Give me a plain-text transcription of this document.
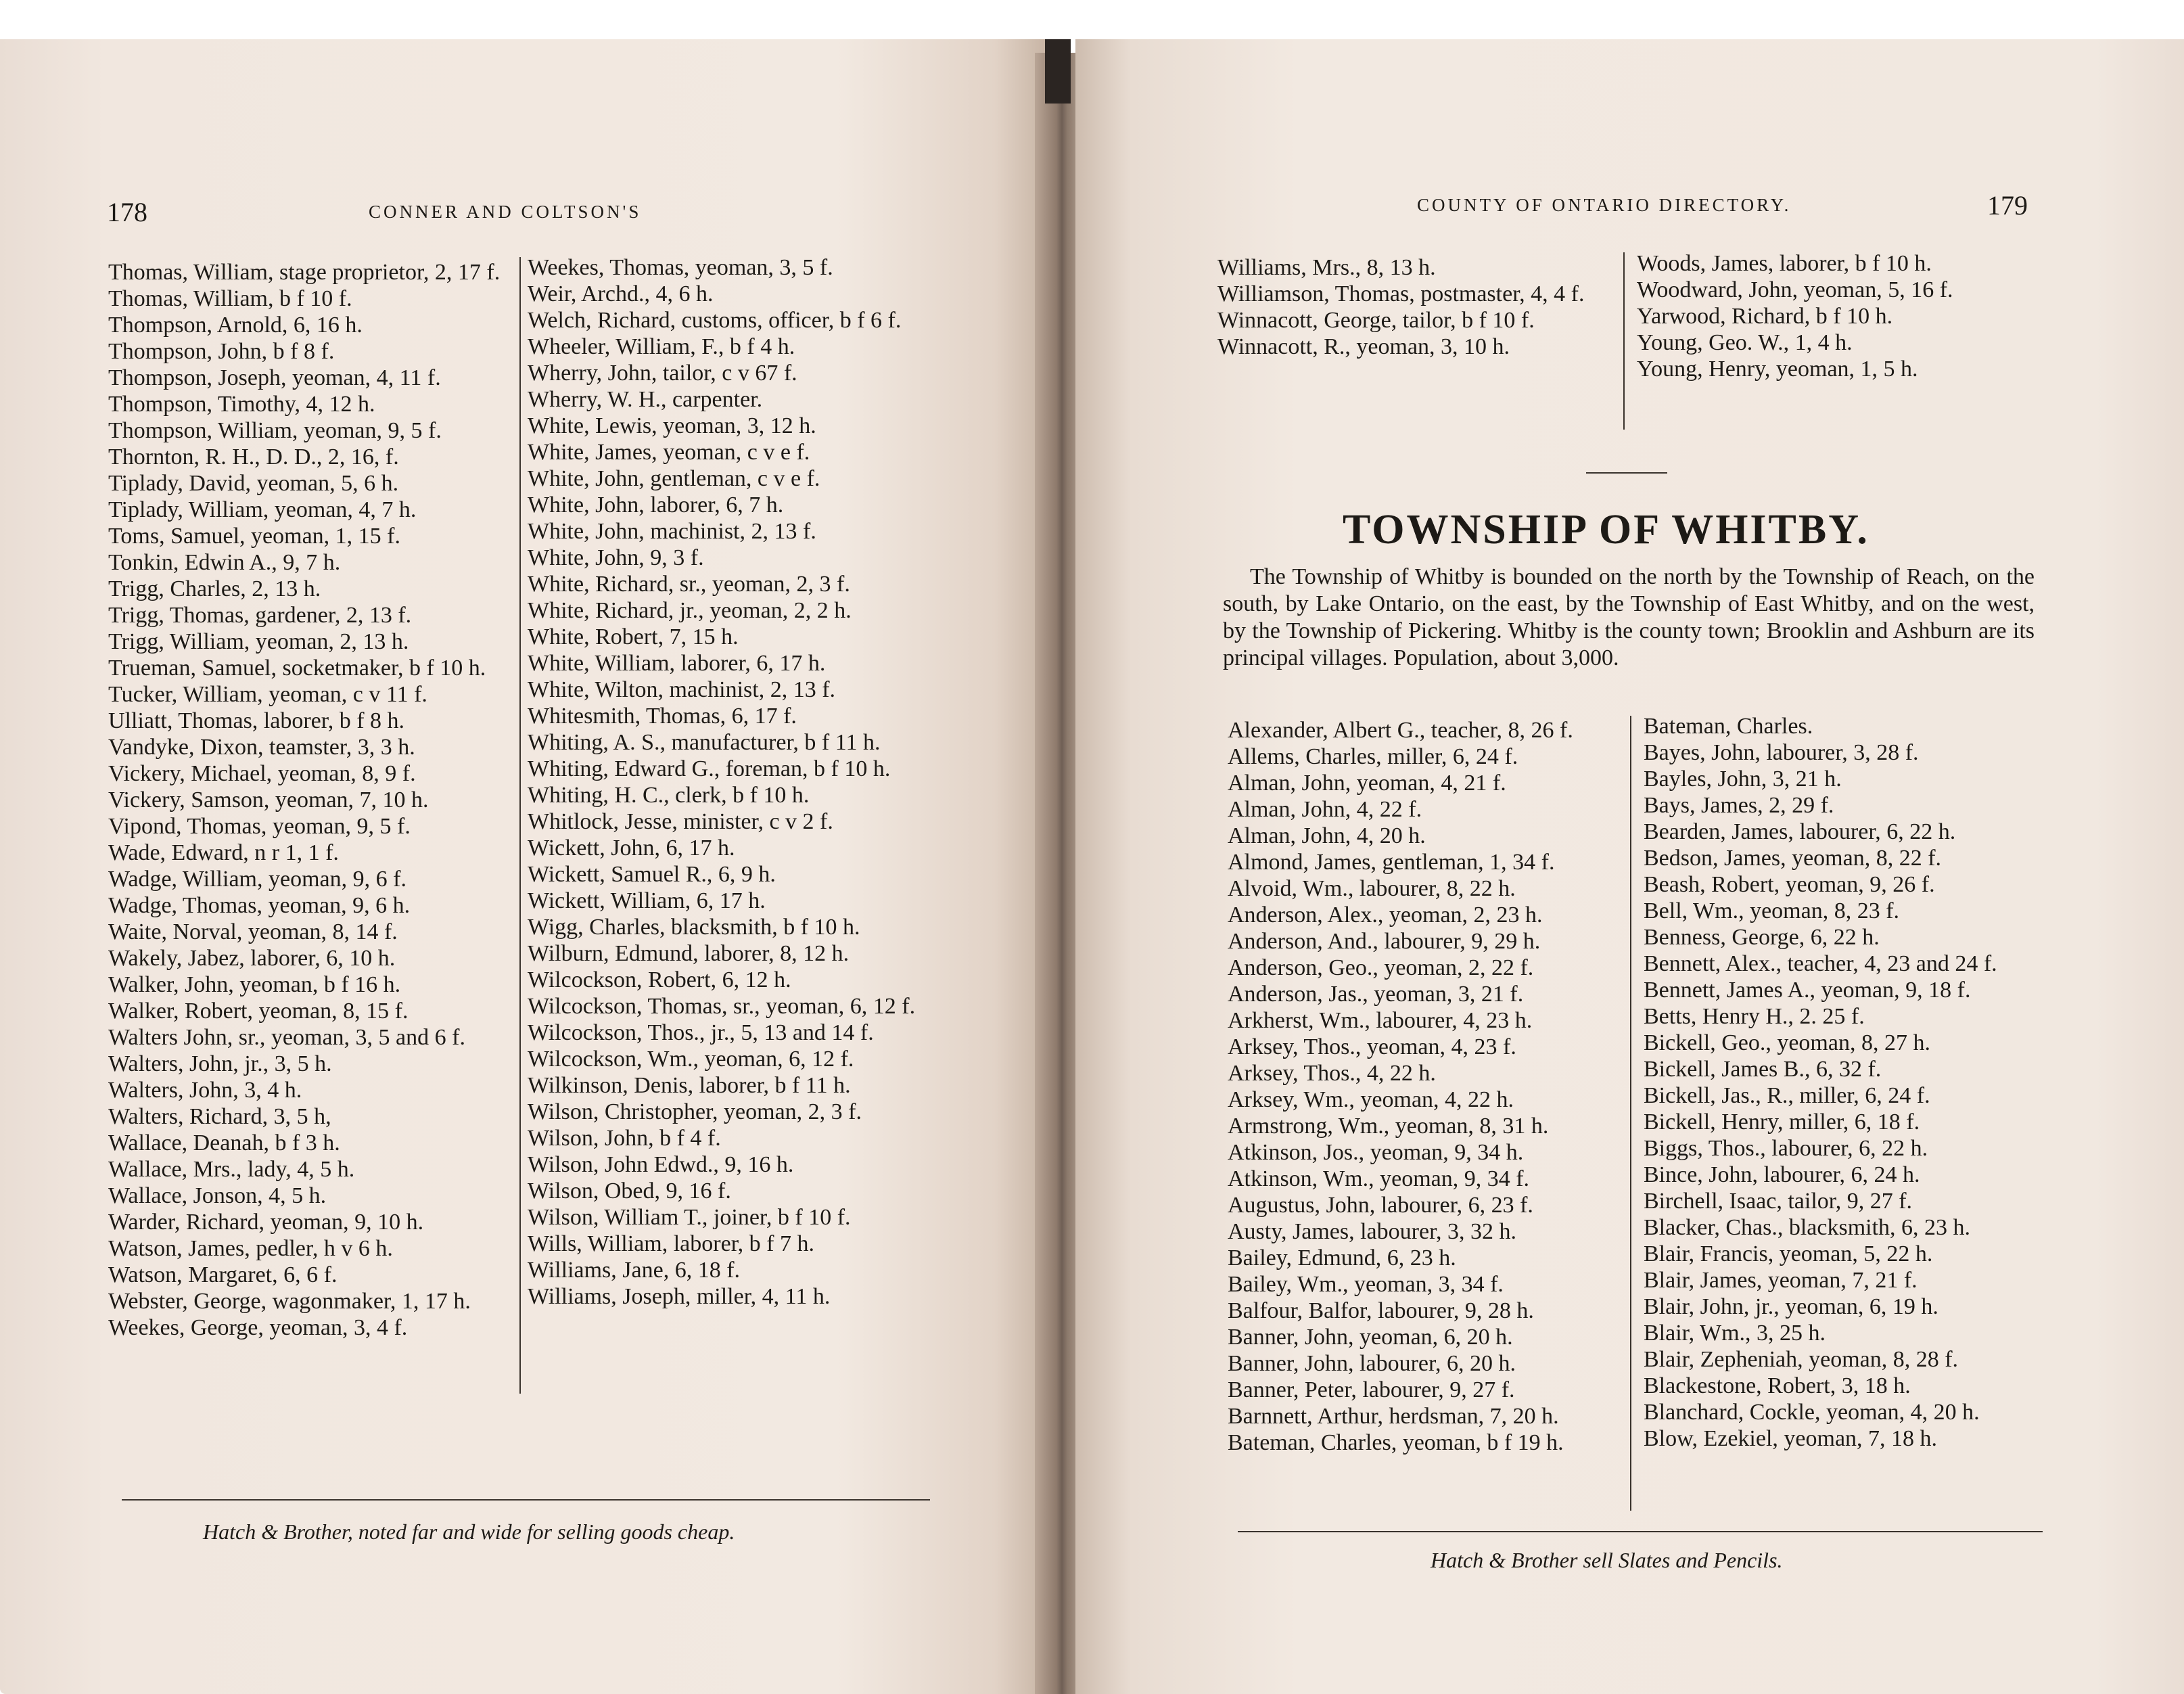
178	CONNER AND COLTSON'S
Thomas, William, stage proprietor, 2, 17 f.
Thomas, William, b f 10 f.
Thompson, Arnold, 6, 16 h.
Thompson, John, b f 8 f.
Thompson, Joseph, yeoman, 4, 11 f.
Thompson, Timothy, 4, 12 h.
Thompson, William, yeoman, 9, 5 f.
Thornton, R. H., D. D., 2, 16, f.
Tiplady, David, yeoman, 5, 6 h.
Tiplady, William, yeoman, 4, 7 h.
Toms, Samuel, yeoman, 1, 15 f.
Tonkin, Edwin A., 9, 7 h.
Trigg, Charles, 2, 13 h.
Trigg, Thomas, gardener, 2, 13 f.
Trigg, William, yeoman, 2, 13 h.
Trueman, Samuel, socketmaker, b f 10 h.
Tucker, William, yeoman, c v 11 f.
Ulliatt, Thomas, laborer, b f 8 h.
Vandyke, Dixon, teamster, 3, 3 h.
Vickery, Michael, yeoman, 8, 9 f.
Vickery, Samson, yeoman, 7, 10 h.
Vipond, Thomas, yeoman, 9, 5 f.
Wade, Edward, n r 1, 1 f.
Wadge, William, yeoman, 9, 6 f.
Wadge, Thomas, yeoman, 9, 6 h.
Waite, Norval, yeoman, 8, 14 f.
Wakely, Jabez, laborer, 6, 10 h.
Walker, John, yeoman, b f 16 h.
Walker, Robert, yeoman, 8, 15 f.
Walters John, sr., yeoman, 3, 5 and 6 f.
Walters, John, jr., 3, 5 h.
Walters, John, 3, 4 h.
Walters, Richard, 3, 5 h,
Wallace, Deanah, b f 3 h.
Wallace, Mrs., lady, 4, 5 h.
Wallace, Jonson, 4, 5 h.
Warder, Richard, yeoman, 9, 10 h.
Watson, James, pedler, h v 6 h.
Watson, Margaret, 6, 6 f.
Webster, George, wagonmaker, 1, 17 h.
Weekes, George, yeoman, 3, 4 f.
Weekes, Thomas, yeoman, 3, 5 f.
Weir, Archd., 4, 6 h.
Welch, Richard, customs, officer, b f 6 f.
Wheeler, William, F., b f 4 h.
Wherry, John, tailor, c v 67 f.
Wherry, W. H., carpenter.
White, Lewis, yeoman, 3, 12 h.
White, James, yeoman, c v e f.
White, John, gentleman, c v e f.
White, John, laborer, 6, 7 h.
White, John, machinist, 2, 13 f.
White, John, 9, 3 f.
White, Richard, sr., yeoman, 2, 3 f.
White, Richard, jr., yeoman, 2, 2 h.
White, Robert, 7, 15 h.
White, William, laborer, 6, 17 h.
White, Wilton, machinist, 2, 13 f.
Whitesmith, Thomas, 6, 17 f.
Whiting, A. S., manufacturer, b f 11 h.
Whiting, Edward G., foreman, b f 10 h.
Whiting, H. C., clerk, b f 10 h.
Whitlock, Jesse, minister, c v 2 f.
Wickett, John, 6, 17 h.
Wickett, Samuel R., 6, 9 h.
Wickett, William, 6, 17 h.
Wigg, Charles, blacksmith, b f 10 h.
Wilburn, Edmund, laborer, 8, 12 h.
Wilcockson, Robert, 6, 12 h.
Wilcockson, Thomas, sr., yeoman, 6, 12 f.
Wilcockson, Thos., jr., 5, 13 and 14 f.
Wilcockson, Wm., yeoman, 6, 12 f.
Wilkinson, Denis, laborer, b f 11 h.
Wilson, Christopher, yeoman, 2, 3 f.
Wilson, John, b f 4 f.
Wilson, John Edwd., 9, 16 h.
Wilson, Obed, 9, 16 f.
Wilson, William T., joiner, b f 10 f.
Wills, William, laborer, b f 7 h.
Williams, Jane, 6, 18 f.
Williams, Joseph, miller, 4, 11 h.
Hatch & Brother, noted far and wide for selling goods cheap.
COUNTY OF ONTARIO DIRECTORY.	179
Williams, Mrs., 8, 13 h.
Williamson, Thomas, postmaster, 4, 4 f.
Winnacott, George, tailor, b f 10 f.
Winnacott, R., yeoman, 3, 10 h.
Woods, James, laborer, b f 10 h.
Woodward, John, yeoman, 5, 16 f.
Yarwood, Richard, b f 10 h.
Young, Geo. W., 1, 4 h.
Young, Henry, yeoman, 1, 5 h.
TOWNSHIP OF WHITBY.
The Township of Whitby is bounded on the north by the Township of Reach, on the south, by Lake Ontario, on the east, by the Township of East Whitby, and on the west, by the Township of Pickering. Whitby is the county town; Brooklin and Ashburn are its principal villages. Population, about 3,000.
Alexander, Albert G., teacher, 8, 26 f.
Allems, Charles, miller, 6, 24 f.
Alman, John, yeoman, 4, 21 f.
Alman, John, 4, 22 f.
Alman, John, 4, 20 h.
Almond, James, gentleman, 1, 34 f.
Alvoid, Wm., labourer, 8, 22 h.
Anderson, Alex., yeoman, 2, 23 h.
Anderson, And., labourer, 9, 29 h.
Anderson, Geo., yeoman, 2, 22 f.
Anderson, Jas., yeoman, 3, 21 f.
Arkherst, Wm., labourer, 4, 23 h.
Arksey, Thos., yeoman, 4, 23 f.
Arksey, Thos., 4, 22 h.
Arksey, Wm., yeoman, 4, 22 h.
Armstrong, Wm., yeoman, 8, 31 h.
Atkinson, Jos., yeoman, 9, 34 h.
Atkinson, Wm., yeoman, 9, 34 f.
Augustus, John, labourer, 6, 23 f.
Austy, James, labourer, 3, 32 h.
Bailey, Edmund, 6, 23 h.
Bailey, Wm., yeoman, 3, 34 f.
Balfour, Balfor, labourer, 9, 28 h.
Banner, John, yeoman, 6, 20 h.
Banner, John, labourer, 6, 20 h.
Banner, Peter, labourer, 9, 27 f.
Barnnett, Arthur, herdsman, 7, 20 h.
Bateman, Charles, yeoman, b f 19 h.
Bateman, Charles.
Bayes, John, labourer, 3, 28 f.
Bayles, John, 3, 21 h.
Bays, James, 2, 29 f.
Bearden, James, labourer, 6, 22 h.
Bedson, James, yeoman, 8, 22 f.
Beash, Robert, yeoman, 9, 26 f.
Bell, Wm., yeoman, 8, 23 f.
Benness, George, 6, 22 h.
Bennett, Alex., teacher, 4, 23 and 24 f.
Bennett, James A., yeoman, 9, 18 f.
Betts, Henry H., 2. 25 f.
Bickell, Geo., yeoman, 8, 27 h.
Bickell, James B., 6, 32 f.
Bickell, Jas., R., miller, 6, 24 f.
Bickell, Henry, miller, 6, 18 f.
Biggs, Thos., labourer, 6, 22 h.
Bince, John, labourer, 6, 24 h.
Birchell, Isaac, tailor, 9, 27 f.
Blacker, Chas., blacksmith, 6, 23 h.
Blair, Francis, yeoman, 5, 22 h.
Blair, James, yeoman, 7, 21 f.
Blair, John, jr., yeoman, 6, 19 h.
Blair, Wm., 3, 25 h.
Blair, Zepheniah, yeoman, 8, 28 f.
Blackestone, Robert, 3, 18 h.
Blanchard, Cockle, yeoman, 4, 20 h.
Blow, Ezekiel, yeoman, 7, 18 h.
Hatch & Brother sell Slates and Pencils.
